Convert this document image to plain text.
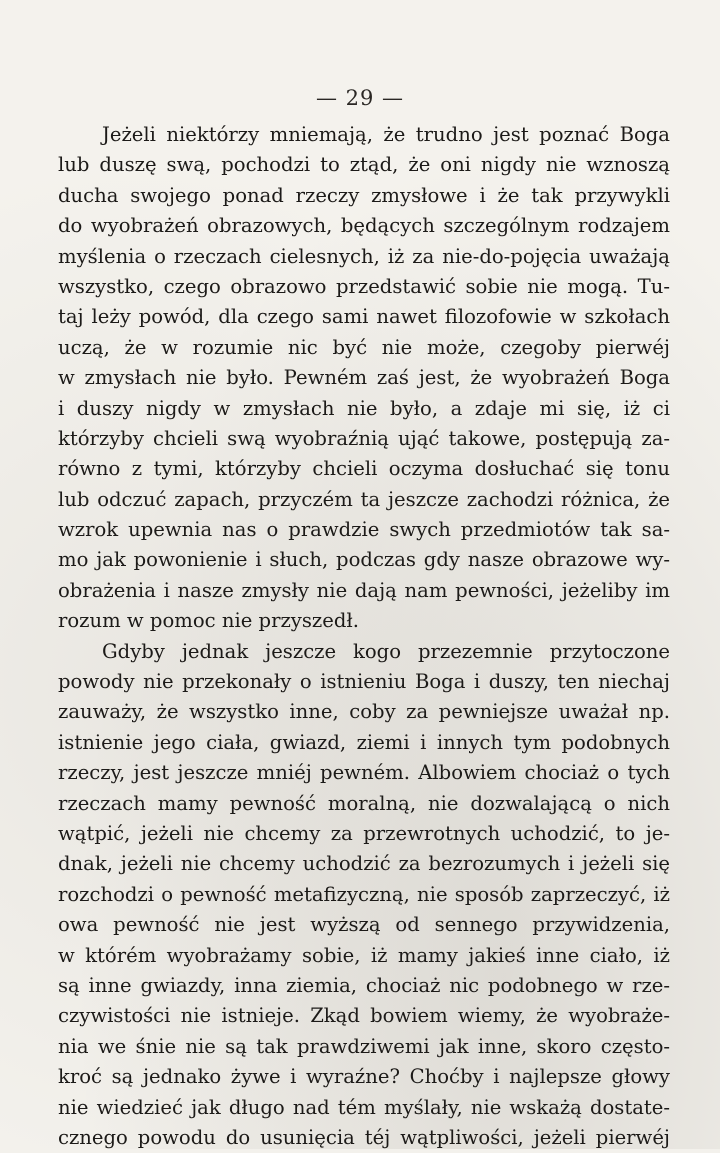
— 29 —
Jeżeli niektórzy mniemają, że trudno jest poznać Boga
lub duszę swą, pochodzi to ztąd, że oni nigdy nie wznoszą
ducha swojego ponad rzeczy zmysłowe i że tak przywykli
do wyobrażeń obrazowych, będących szczególnym rodzajem
myślenia o rzeczach cielesnych, iż za nie-do-pojęcia uważają
wszystko, czego obrazowo przedstawić sobie nie mogą. Tu-
taj leży powód, dla czego sami nawet filozofowie w szkołach
uczą, że w rozumie nic być nie może, czegoby pierwéj
w zmysłach nie było. Pewném zaś jest, że wyobrażeń Boga
i duszy nigdy w zmysłach nie było, a zdaje mi się, iż ci
którzyby chcieli swą wyobraźnią ująć takowe, postępują za-
równo z tymi, którzyby chcieli oczyma dosłuchać się tonu
lub odczuć zapach, przyczém ta jeszcze zachodzi różnica, że
wzrok upewnia nas o prawdzie swych przedmiotów tak sa-
mo jak powonienie i słuch, podczas gdy nasze obrazowe wy-
obrażenia i nasze zmysły nie dają nam pewności, jeżeliby im
rozum w pomoc nie przyszedł.
Gdyby jednak jeszcze kogo przezemnie przytoczone
powody nie przekonały o istnieniu Boga i duszy, ten niechaj
zauważy, że wszystko inne, coby za pewniejsze uważał np.
istnienie jego ciała, gwiazd, ziemi i innych tym podobnych
rzeczy, jest jeszcze mniéj pewném. Albowiem chociaż o tych
rzeczach mamy pewność moralną, nie dozwalającą o nich
wątpić, jeżeli nie chcemy za przewrotnych uchodzić, to je-
dnak, jeżeli nie chcemy uchodzić za bezrozumych i jeżeli się
rozchodzi o pewność metafizyczną, nie sposób zaprzeczyć, iż
owa pewność nie jest wyższą od sennego przywidzenia,
w którém wyobrażamy sobie, iż mamy jakieś inne ciało, iż
są inne gwiazdy, inna ziemia, chociaż nic podobnego w rze-
czywistości nie istnieje. Zkąd bowiem wiemy, że wyobraże-
nia we śnie nie są tak prawdziwemi jak inne, skoro często-
kroć są jednako żywe i wyraźne? Choćby i najlepsze głowy
nie wiedzieć jak długo nad tém myślały, nie wskażą dostate-
cznego powodu do usunięcia téj wątpliwości, jeżeli pierwéj
